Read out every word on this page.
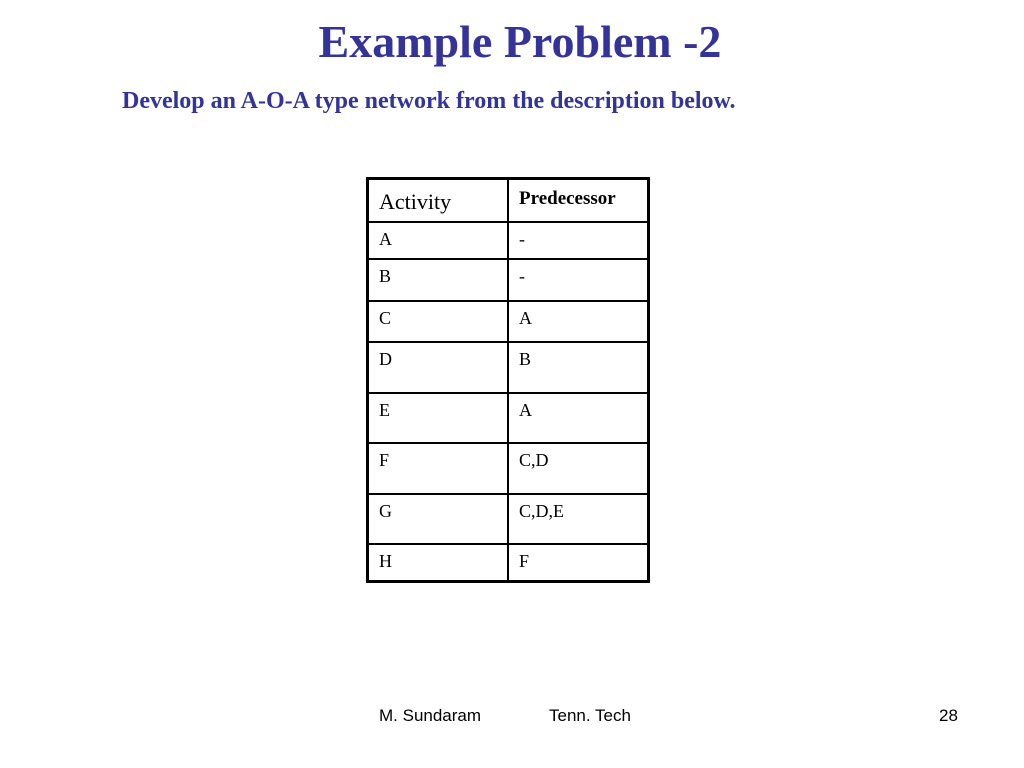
Example Problem -2
Develop an A-O-A type network from the description below.
Activity	Predecessor
A	-
B	-
C	A
D	B
E	A
F	C,D
G	C,D,E
H	F
M. Sundaram	Tenn. Tech	28
